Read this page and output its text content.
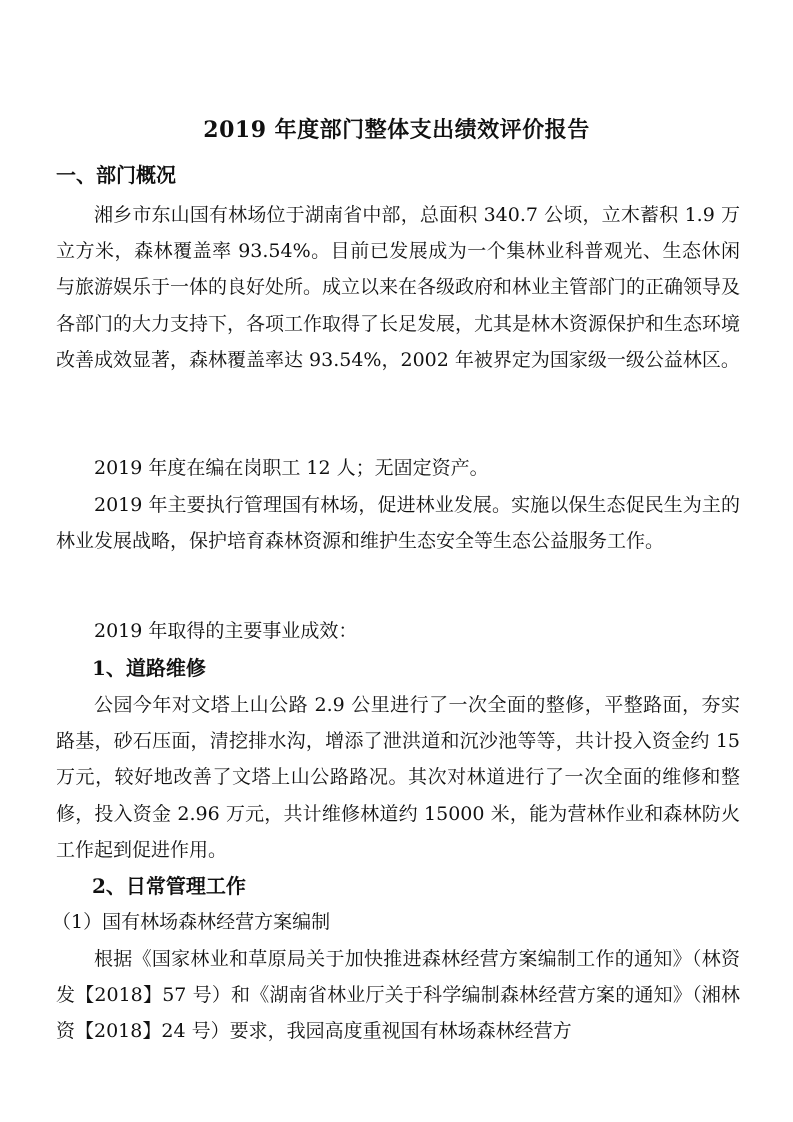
2019 年度部门整体支出绩效评价报告
一、部门概况

湘乡市东山国有林场位于湖南省中部，总面积 340.7 公顷，立木蓄积 1.9 万立方米，森林覆盖率 93.54%。目前已发展成为一个集林业科普观光、生态休闲与旅游娱乐于一体的良好处所。成立以来在各级政府和林业主管部门的正确领导及各部门的大力支持下，各项工作取得了长足发展，尤其是林木资源保护和生态环境改善成效显著，森林覆盖率达 93.54%，2002 年被界定为国家级一级公益林区。

2019 年度在编在岗职工 12 人；无固定资产。

2019 年主要执行管理国有林场，促进林业发展。实施以保生态促民生为主的林业发展战略，保护培育森林资源和维护生态安全等生态公益服务工作。

2019 年取得的主要事业成效：

1、道路维修

公园今年对文塔上山公路 2.9 公里进行了一次全面的整修，平整路面，夯实路基，砂石压面，清挖排水沟，增添了泄洪道和沉沙池等等，共计投入资金约 15 万元，较好地改善了文塔上山公路路况。其次对林道进行了一次全面的维修和整修，投入资金 2.96 万元，共计维修林道约 15000 米，能为营林作业和森林防火工作起到促进作用。

2、日常管理工作

（1）国有林场森林经营方案编制

根据《国家林业和草原局关于加快推进森林经营方案编制工作的通知》（林资发【2018】57 号）和《湖南省林业厅关于科学编制森林经营方案的通知》（湘林资【2018】24 号）要求，我园高度重视国有林场森林经营方
